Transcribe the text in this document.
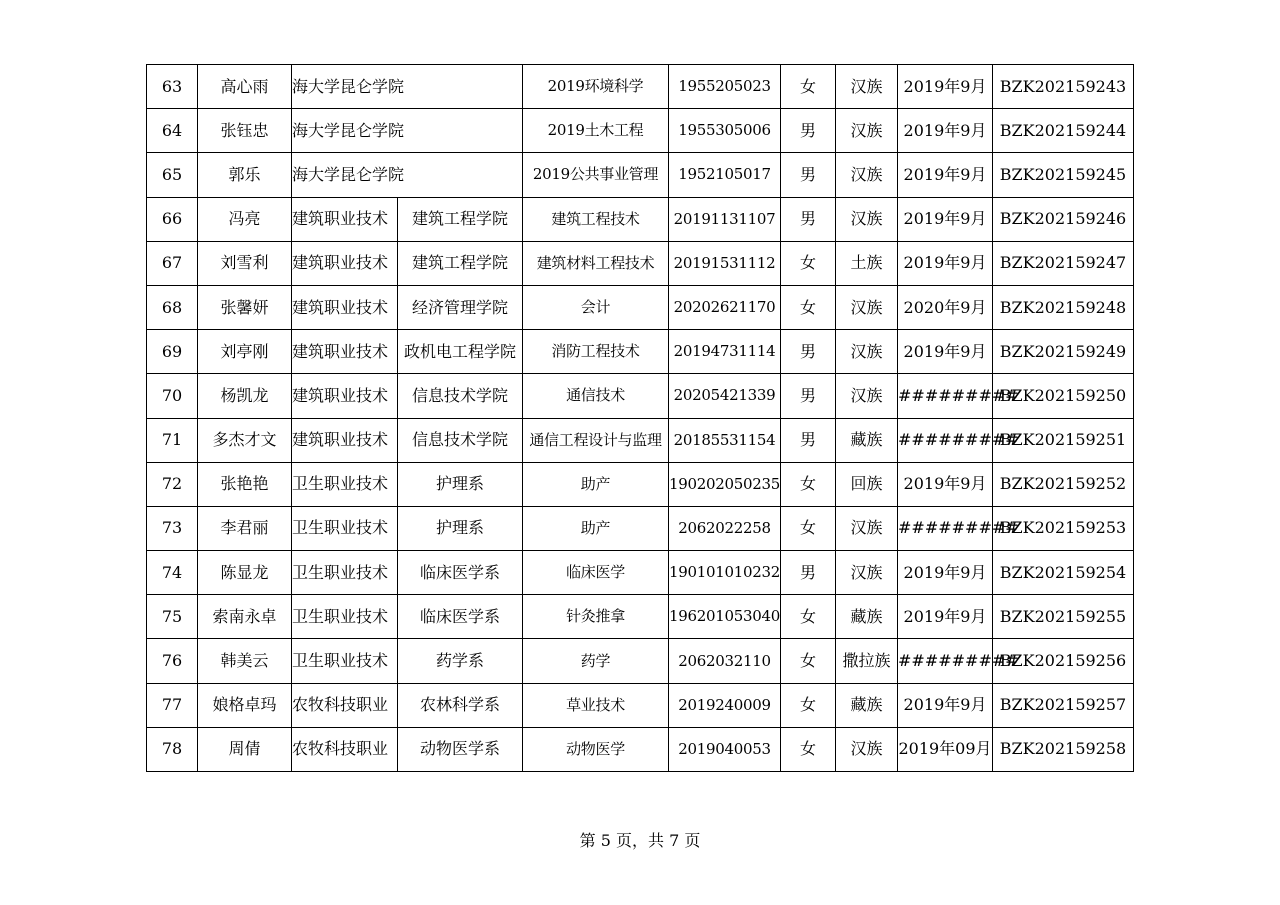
63	高心雨	海大学昆仑学院		2019环境科学	1955205023	女	汉族	2019年9月	BZK202159243
64	张钰忠	海大学昆仑学院		2019土木工程	1955305006	男	汉族	2019年9月	BZK202159244
65	郭乐	海大学昆仑学院		2019公共事业管理	1952105017	男	汉族	2019年9月	BZK202159245
66	冯亮	建筑职业技术	建筑工程学院	建筑工程技术	20191131107	男	汉族	2019年9月	BZK202159246
67	刘雪利	建筑职业技术	建筑工程学院	建筑材料工程技术	20191531112	女	土族	2019年9月	BZK202159247
68	张馨妍	建筑职业技术	经济管理学院	会计	20202621170	女	汉族	2020年9月	BZK202159248
69	刘亭刚	建筑职业技术	政机电工程学院	消防工程技术	20194731114	男	汉族	2019年9月	BZK202159249
70	杨凯龙	建筑职业技术	信息技术学院	通信技术	20205421339	男	汉族	#########	BZK202159250
71	多杰才文	建筑职业技术	信息技术学院	通信工程设计与监理	20185531154	男	藏族	#########	BZK202159251
72	张艳艳	卫生职业技术	护理系	助产	190202050235	女	回族	2019年9月	BZK202159252
73	李君丽	卫生职业技术	护理系	助产	2062022258	女	汉族	#########	BZK202159253
74	陈显龙	卫生职业技术	临床医学系	临床医学	190101010232	男	汉族	2019年9月	BZK202159254
75	索南永卓	卫生职业技术	临床医学系	针灸推拿	196201053040	女	藏族	2019年9月	BZK202159255
76	韩美云	卫生职业技术	药学系	药学	2062032110	女	撒拉族	#########	BZK202159256
77	娘格卓玛	农牧科技职业	农林科学系	草业技术	2019240009	女	藏族	2019年9月	BZK202159257
78	周倩	农牧科技职业	动物医学系	动物医学	2019040053	女	汉族	2019年09月	BZK202159258
第 5 页，共 7 页
